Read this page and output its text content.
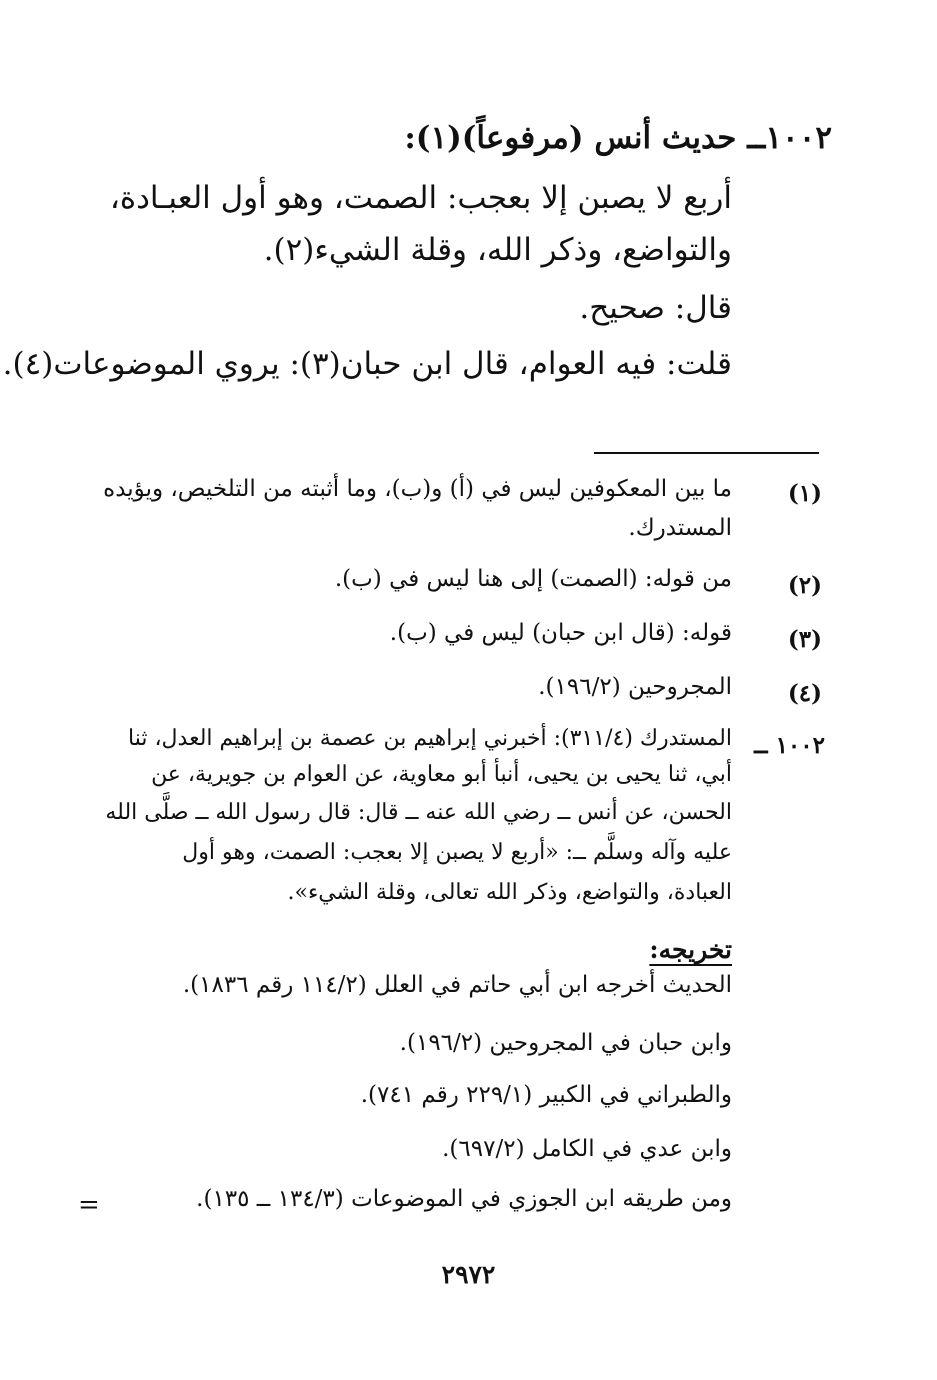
١٠٠٢ــ حديث أنس (مرفوعاً)(١):
أربع لا يصبن إلا بعجب: الصمت، وهو أول العبـادة،
والتواضع، وذكر الله، وقلة الشيء(٢).
قال: صحيح.
قلت: فيه العوام، قال ابن حبان(٣): يروي الموضوعات(٤).
(١)
ما بين المعكوفين ليس في (أ) و(ب)، وما أثبته من التلخيص، ويؤيده
المستدرك.
(٢)
من قوله: (الصمت) إلى هنا ليس في (ب).
(٣)
قوله: (قال ابن حبان) ليس في (ب).
(٤)
المجروحين (١٩٦/٢).
١٠٠٢ ــ
المستدرك (٣١١/٤): أخبرني إبراهيم بن عصمة بن إبراهيم العدل، ثنا
أبي، ثنا يحيى بن يحيى، أنبأ أبو معاوية، عن العوام بن جويرية، عن
الحسن، عن أنس ــ رضي الله عنه ــ قال: قال رسول الله ــ صلَّى الله
عليه وآله وسلَّم ــ: «أربع لا يصبن إلا بعجب: الصمت، وهو أول
العبادة، والتواضع، وذكر الله تعالى، وقلة الشيء».
تخريجه:
الحديث أخرجه ابن أبي حاتم في العلل (١١٤/٢ رقم ١٨٣٦).
وابن حبان في المجروحين (١٩٦/٢).
والطبراني في الكبير (٢٢٩/١ رقم ٧٤١).
وابن عدي في الكامل (٦٩٧/٢).
ومن طريقه ابن الجوزي في الموضوعات (١٣٤/٣ ــ ١٣٥).
=
٢٩٧٢
